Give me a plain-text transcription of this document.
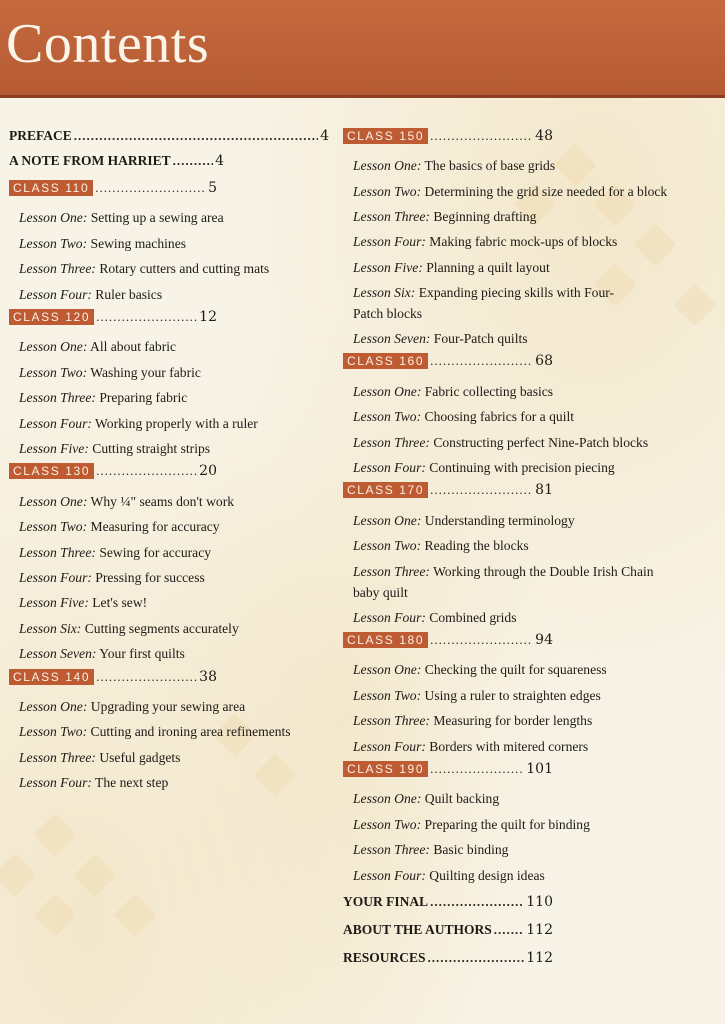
Contents
PREFACE .....	4
A NOTE FROM HARRIET .....	4
CLASS 110 .....	5
Lesson One: Setting up a sewing area
Lesson Two: Sewing machines
Lesson Three: Rotary cutters and cutting mats
Lesson Four: Ruler basics
CLASS 120 .....	12
Lesson One: All about fabric
Lesson Two: Washing your fabric
Lesson Three: Preparing fabric
Lesson Four: Working properly with a ruler
Lesson Five: Cutting straight strips
CLASS 130 .....	20
Lesson One: Why ¼" seams don't work
Lesson Two: Measuring for accuracy
Lesson Three: Sewing for accuracy
Lesson Four: Pressing for success
Lesson Five: Let's sew!
Lesson Six: Cutting segments accurately
Lesson Seven: Your first quilts
CLASS 140 .....	38
Lesson One: Upgrading your sewing area
Lesson Two: Cutting and ironing area refinements
Lesson Three: Useful gadgets
Lesson Four: The next step
CLASS 150 .....	48
Lesson One: The basics of base grids
Lesson Two: Determining the grid size needed for a block
Lesson Three: Beginning drafting
Lesson Four: Making fabric mock-ups of blocks
Lesson Five: Planning a quilt layout
Lesson Six: Expanding piecing skills with Four-Patch blocks
Lesson Seven: Four-Patch quilts
CLASS 160 .....	68
Lesson One: Fabric collecting basics
Lesson Two: Choosing fabrics for a quilt
Lesson Three: Constructing perfect Nine-Patch blocks
Lesson Four: Continuing with precision piecing
CLASS 170 .....	81
Lesson One: Understanding terminology
Lesson Two: Reading the blocks
Lesson Three: Working through the Double Irish Chain baby quilt
Lesson Four: Combined grids
CLASS 180 .....	94
Lesson One: Checking the quilt for squareness
Lesson Two: Using a ruler to straighten edges
Lesson Three: Measuring for border lengths
Lesson Four: Borders with mitered corners
CLASS 190 .....	101
Lesson One: Quilt backing
Lesson Two: Preparing the quilt for binding
Lesson Three: Basic binding
Lesson Four: Quilting design ideas
YOUR FINAL .....	110
ABOUT THE AUTHORS ..... 112
RESOURCES .....	112
